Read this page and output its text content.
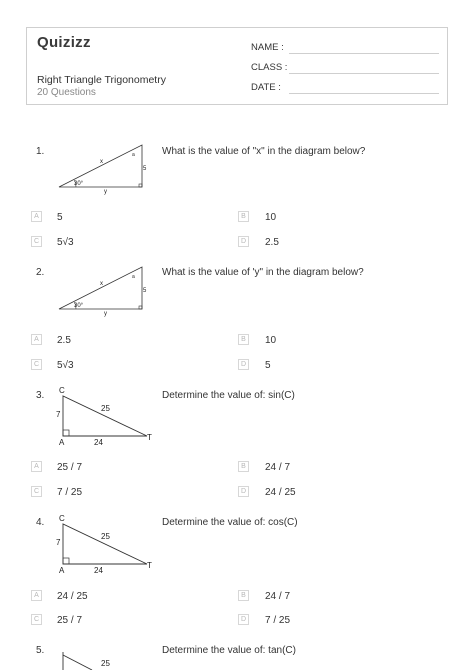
Quizizz
Right Triangle Trigonometry
20 Questions
NAME :
CLASS :
DATE :
1.
30°
x
5
y
a	What is the value of "x" in the diagram below?
A	5	B	10
C 5√3	D 2.5
2.
30°
x
5
y
a	What is the value of 'y" in the diagram below?
A	2.5	B	10
C 5√3	D 5
3. C
A
T
7
25
24
Determine the value of: sin(C)
A	25 / 7	B	24 / 7
C 7 / 25	D 24 / 25
4. C
A
T
7
25
24
Determine the value of: cos(C)
A	24 / 25	B	24 / 7
C 25 / 7	D 7 / 25
5.
25
Determine the value of: tan(C)
